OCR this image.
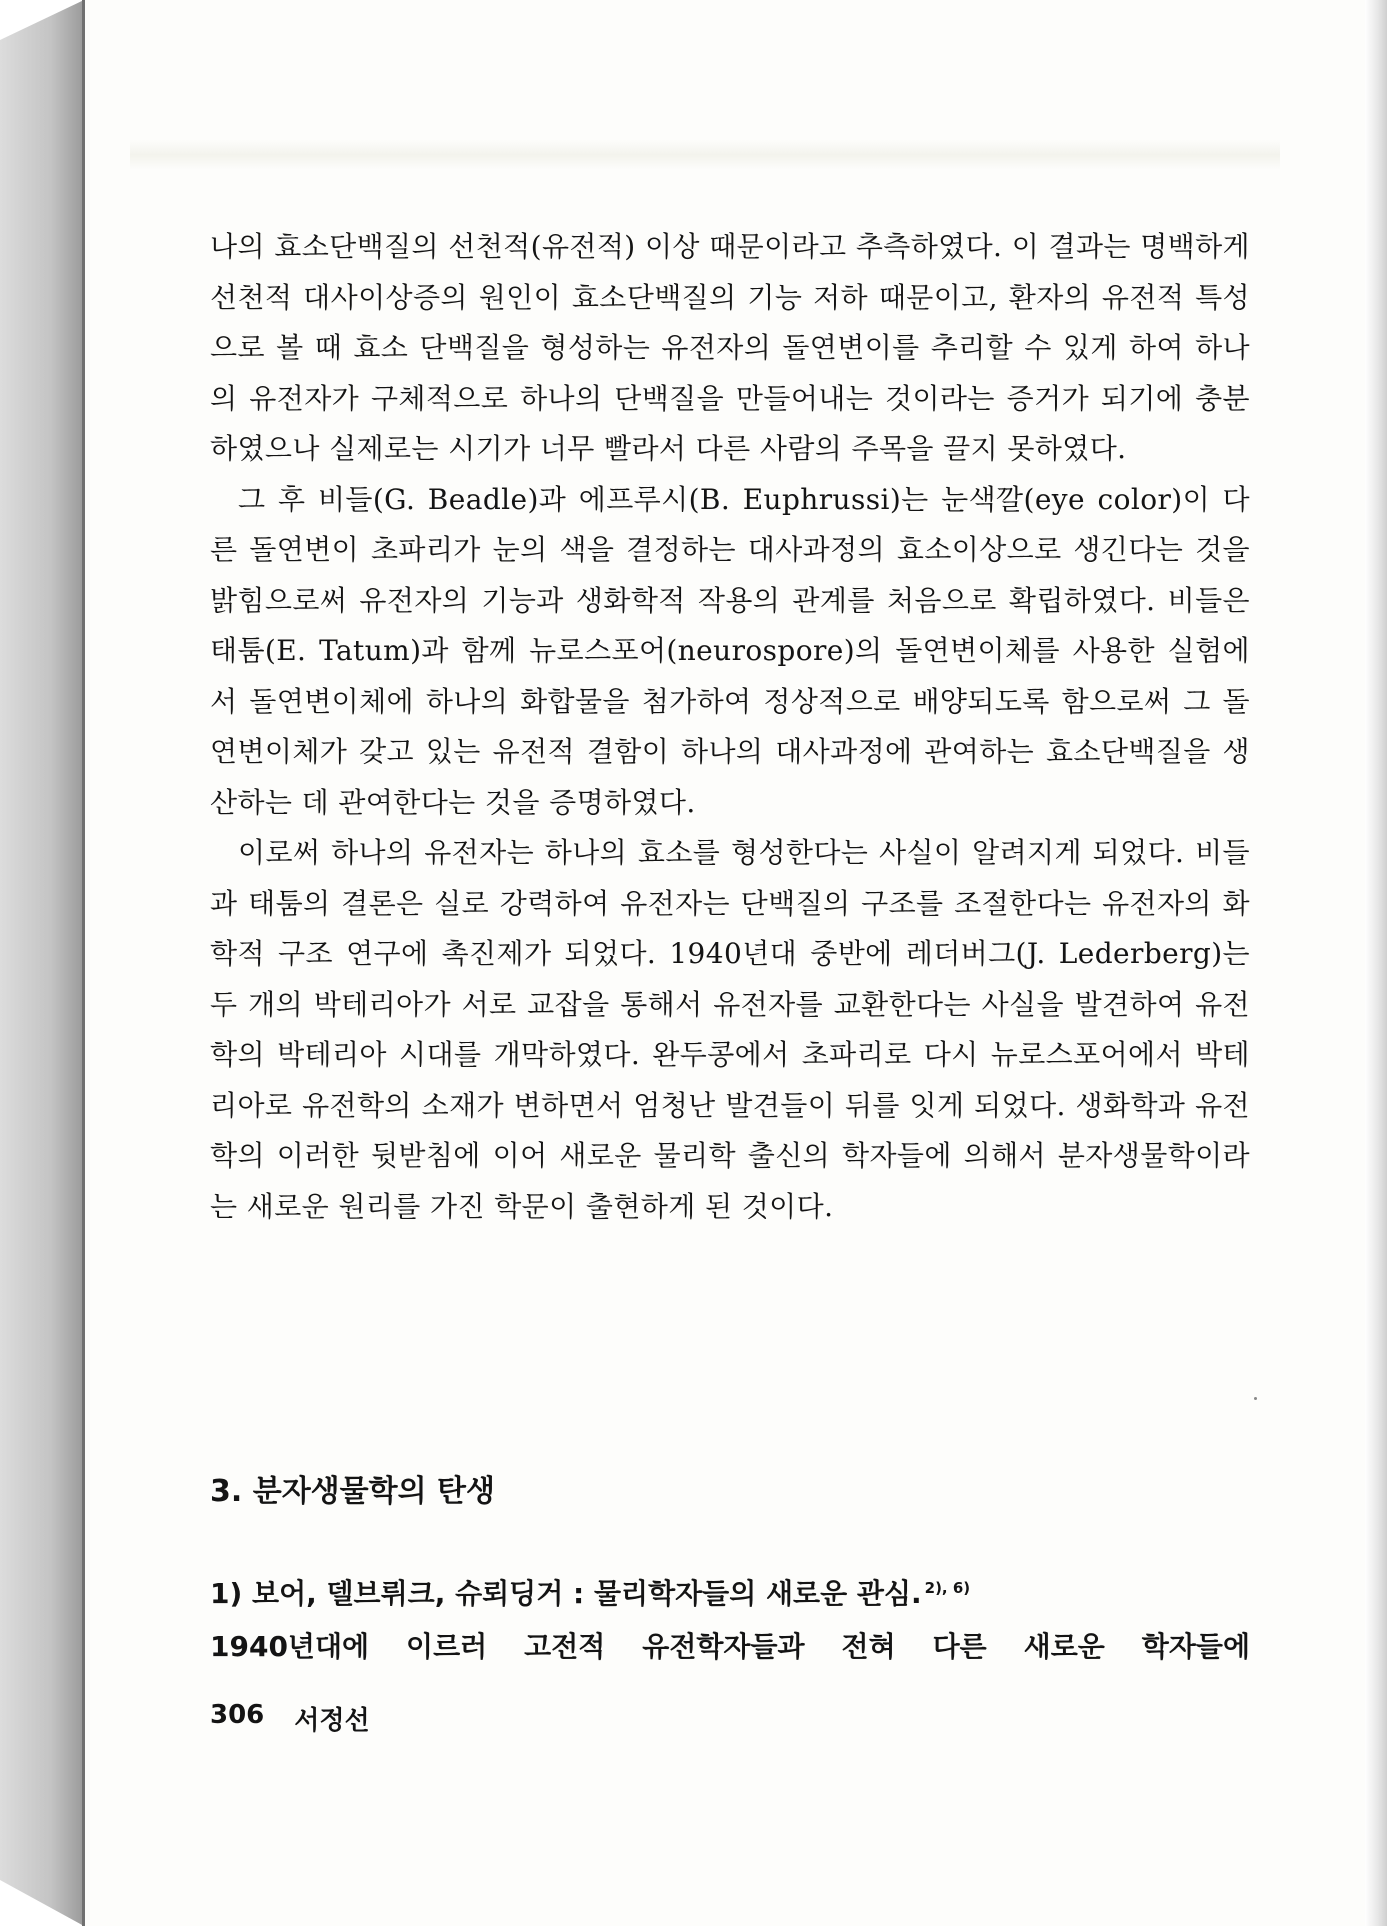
나의 효소단백질의 선천적(유전적) 이상 때문이라고 추측하였다. 이 결과는 명백하게 선천적 대사이상증의 원인이 효소단백질의 기능 저하 때문이고, 환자의 유전적 특성으로 볼 때 효소 단백질을 형성하는 유전자의 돌연변이를 추리할 수 있게 하여 하나의 유전자가 구체적으로 하나의 단백질을 만들어내는 것이라는 증거가 되기에 충분하였으나 실제로는 시기가 너무 빨라서 다른 사람의 주목을 끌지 못하였다.

그 후 비들(G. Beadle)과 에프루시(B. Euphrussi)는 눈색깔(eye color)이 다른 돌연변이 초파리가 눈의 색을 결정하는 대사과정의 효소이상으로 생긴다는 것을 밝힘으로써 유전자의 기능과 생화학적 작용의 관계를 처음으로 확립하였다. 비들은 태툼(E. Tatum)과 함께 뉴로스포어(neurospore)의 돌연변이체를 사용한 실험에서 돌연변이체에 하나의 화합물을 첨가하여 정상적으로 배양되도록 함으로써 그 돌연변이체가 갖고 있는 유전적 결함이 하나의 대사과정에 관여하는 효소단백질을 생산하는 데 관여한다는 것을 증명하였다.

이로써 하나의 유전자는 하나의 효소를 형성한다는 사실이 알려지게 되었다. 비들과 태툼의 결론은 실로 강력하여 유전자는 단백질의 구조를 조절한다는 유전자의 화학적 구조 연구에 촉진제가 되었다. 1940년대 중반에 레더버그(J. Lederberg)는 두 개의 박테리아가 서로 교잡을 통해서 유전자를 교환한다는 사실을 발견하여 유전학의 박테리아 시대를 개막하였다. 완두콩에서 초파리로 다시 뉴로스포어에서 박테리아로 유전학의 소재가 변하면서 엄청난 발견들이 뒤를 잇게 되었다. 생화학과 유전학의 이러한 뒷받침에 이어 새로운 물리학 출신의 학자들에 의해서 분자생물학이라는 새로운 원리를 가진 학문이 출현하게 된 것이다.

3. 분자생물학의 탄생
1) 보어, 델브뤼크, 슈뢰딩거 : 물리학자들의 새로운 관심. $^{2), 6)}$

1940년대에 이르러 고전적 유전학자들과 전혀 다른 새로운 학자들에

306 서정선
